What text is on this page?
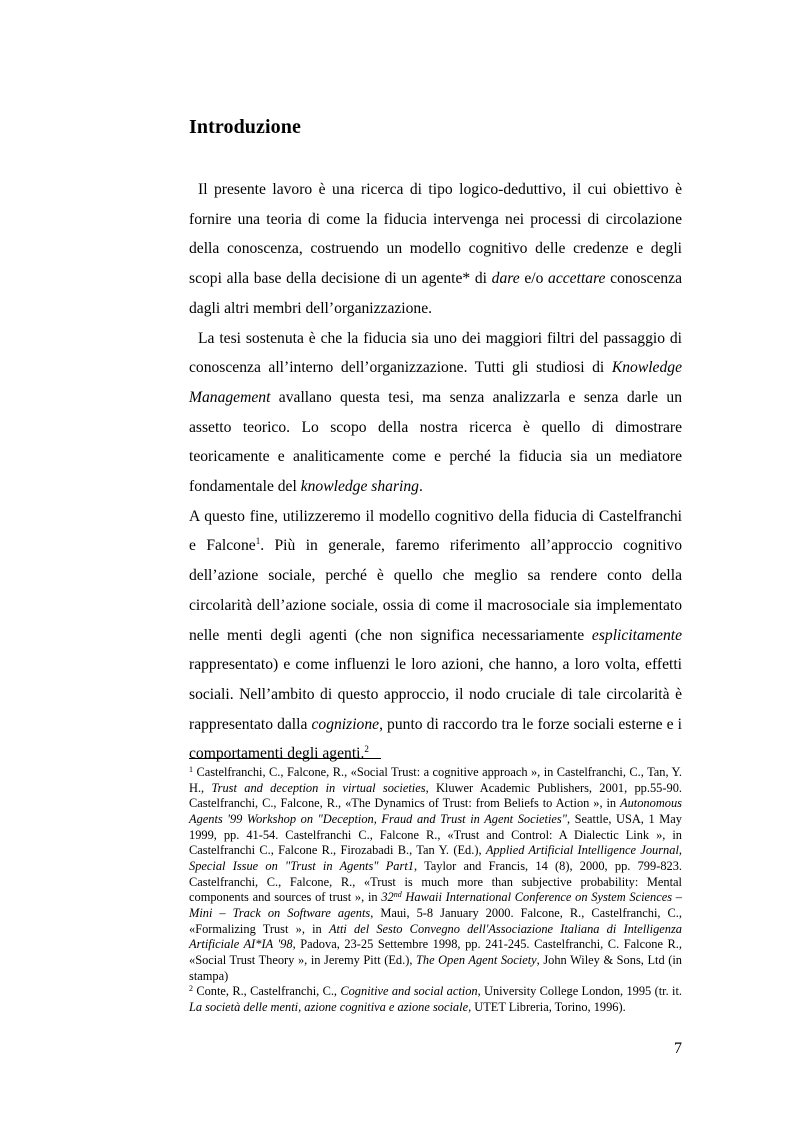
Introduzione

Il presente lavoro è una ricerca di tipo logico-deduttivo, il cui obiettivo è fornire una teoria di come la fiducia intervenga nei processi di circolazione della conoscenza, costruendo un modello cognitivo delle credenze e degli scopi alla base della decisione di un agente* di dare e/o accettare conoscenza dagli altri membri dell’organizzazione.

La tesi sostenuta è che la fiducia sia uno dei maggiori filtri del passaggio di conoscenza all’interno dell’organizzazione. Tutti gli studiosi di Knowledge Management avallano questa tesi, ma senza analizzarla e senza darle un assetto teorico. Lo scopo della nostra ricerca è quello di dimostrare teoricamente e analiticamente come e perché la fiducia sia un mediatore fondamentale del knowledge sharing.

A questo fine, utilizzeremo il modello cognitivo della fiducia di Castelfranchi e Falcone$^1$. Più in generale, faremo riferimento all’approccio cognitivo dell’azione sociale, perché è quello che meglio sa rendere conto della circolarità dell’azione sociale, ossia di come il macrosociale sia implementato nelle menti degli agenti (che non significa necessariamente esplicitamente rappresentato) e come influenzi le loro azioni, che hanno, a loro volta, effetti sociali. Nell’ambito di questo approccio, il nodo cruciale di tale circolarità è rappresentato dalla cognizione, punto di raccordo tra le forze sociali esterne e i comportamenti degli agenti.$^2$

$^1$ Castelfranchi, C., Falcone, R., «Social Trust: a cognitive approach », in Castelfranchi, C., Tan, Y. H., Trust and deception in virtual societies, Kluwer Academic Publishers, 2001, pp.55-90. Castelfranchi, C., Falcone, R., «The Dynamics of Trust: from Beliefs to Action », in Autonomous Agents '99 Workshop on "Deception, Fraud and Trust in Agent Societies", Seattle, USA, 1 May 1999, pp. 41-54. Castelfranchi C., Falcone R., «Trust and Control: A Dialectic Link », in Castelfranchi C., Falcone R., Firozabadi B., Tan Y. (Ed.), Applied Artificial Intelligence Journal, Special Issue on "Trust in Agents" Part1, Taylor and Francis, 14 (8), 2000, pp. 799-823. Castelfranchi, C., Falcone, R., «Trust is much more than subjective probability: Mental components and sources of trust », in 32nd Hawaii International Conference on System Sciences – Mini – Track on Software agents, Maui, 5-8 January 2000. Falcone, R., Castelfranchi, C., «Formalizing Trust », in Atti del Sesto Convegno dell'Associazione Italiana di Intelligenza Artificiale AI*IA '98, Padova, 23-25 Settembre 1998, pp. 241-245. Castelfranchi, C. Falcone R., «Social Trust Theory », in Jeremy Pitt (Ed.), The Open Agent Society, John Wiley & Sons, Ltd (in stampa)

$^2$ Conte, R., Castelfranchi, C., Cognitive and social action, University College London, 1995 (tr. it. La società delle menti, azione cognitiva e azione sociale, UTET Libreria, Torino, 1996).

7
